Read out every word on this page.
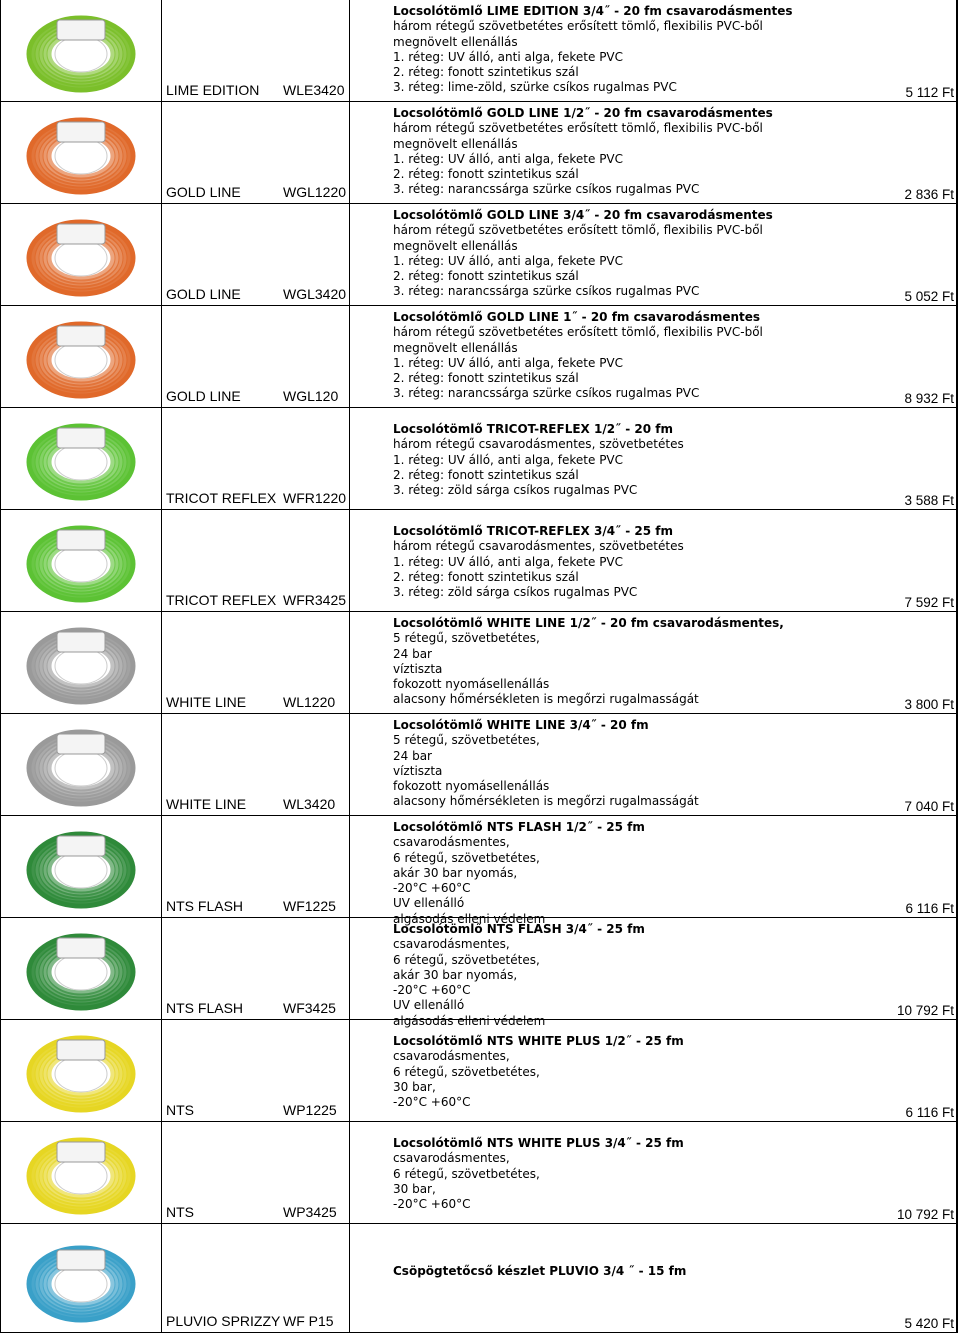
LIME EDITION WLE3420
Locsolótömlő LIME EDITION 3/4˝ - 20 fm csavarodásmentes
három rétegű szövetbetétes erősített tömlő, flexibilis PVC-ből
megnövelt ellenállás
1. réteg: UV álló, anti alga, fekete PVC
2. réteg: fonott szintetikus szál
3. réteg: lime-zöld, szürke csíkos rugalmas PVC	5 112 Ft
GOLD LINE	WGL1220
Locsolótömlő GOLD LINE 1/2˝ - 20 fm csavarodásmentes
három rétegű szövetbetétes erősített tömlő, flexibilis PVC-ből
megnövelt ellenállás
1. réteg: UV álló, anti alga, fekete PVC
2. réteg: fonott szintetikus szál
3. réteg: narancssárga szürke csíkos rugalmas PVC	2 836 Ft
GOLD LINE	WGL3420
Locsolótömlő GOLD LINE 3/4˝ - 20 fm csavarodásmentes
három rétegű szövetbetétes erősített tömlő, flexibilis PVC-ből
megnövelt ellenállás
1. réteg: UV álló, anti alga, fekete PVC
2. réteg: fonott szintetikus szál
3. réteg: narancssárga szürke csíkos rugalmas PVC	5 052 Ft
GOLD LINE	WGL120
Locsolótömlő GOLD LINE 1˝ - 20 fm csavarodásmentes
három rétegű szövetbetétes erősített tömlő, flexibilis PVC-ből
megnövelt ellenállás
1. réteg: UV álló, anti alga, fekete PVC
2. réteg: fonott szintetikus szál
3. réteg: narancssárga szürke csíkos rugalmas PVC	8 932 Ft
TRICOT REFLEX WFR1220

Locsolótömlő TRICOT-REFLEX 1/2˝ - 20 fm
három rétegű csavarodásmentes, szövetbetétes
1. réteg: UV álló, anti alga, fekete PVC
2. réteg: fonott szintetikus szál
3. réteg: zöld sárga csíkos rugalmas PVC
3 588 Ft
TRICOT REFLEX WFR3425

Locsolótömlő TRICOT-REFLEX 3/4˝ - 25 fm
három rétegű csavarodásmentes, szövetbetétes
1. réteg: UV álló, anti alga, fekete PVC
2. réteg: fonott szintetikus szál
3. réteg: zöld sárga csíkos rugalmas PVC
7 592 Ft
WHITE LINE	WL1220
Locsolótömlő WHITE LINE 1/2˝ - 20 fm csavarodásmentes,
5 rétegű, szövetbetétes,
24 bar
víztiszta
fokozott nyomásellenállás
alacsony hőmérsékleten is megőrzi rugalmasságát	3 800 Ft
WHITE LINE	WL3420
Locsolótömlő WHITE LINE 3/4˝ - 20 fm
5 rétegű, szövetbetétes,
24 bar
víztiszta
fokozott nyomásellenállás
alacsony hőmérsékleten is megőrzi rugalmasságát	7 040 Ft
NTS FLASH	WF1225
Locsolótömlő NTS FLASH 1/2˝ - 25 fm
csavarodásmentes,
6 rétegű, szövetbetétes,
akár 30 bar nyomás,
-20°C +60°C
UV ellenálló
algásodás elleni védelem
6 116 Ft
NTS FLASH	WF3425
Locsolótömlő NTS FLASH 3/4˝ - 25 fm
csavarodásmentes,
6 rétegű, szövetbetétes,
akár 30 bar nyomás,
-20°C +60°C
UV ellenálló
algásodás elleni védelem
10 792 Ft
NTS	WP1225

Locsolótömlő NTS WHITE PLUS 1/2˝ - 25 fm
csavarodásmentes,
6 rétegű, szövetbetétes,
30 bar,
-20°C +60°C
6 116 Ft
NTS	WP3425

Locsolótömlő NTS WHITE PLUS 3/4˝ - 25 fm
csavarodásmentes,
6 rétegű, szövetbetétes,
30 bar,
-20°C +60°C
10 792 Ft
PLUVIO SPRIZZY WF P15
Csöpögtetőcső készlet PLUVIO 3/4 ˝ - 15 fm
5 420 Ft
